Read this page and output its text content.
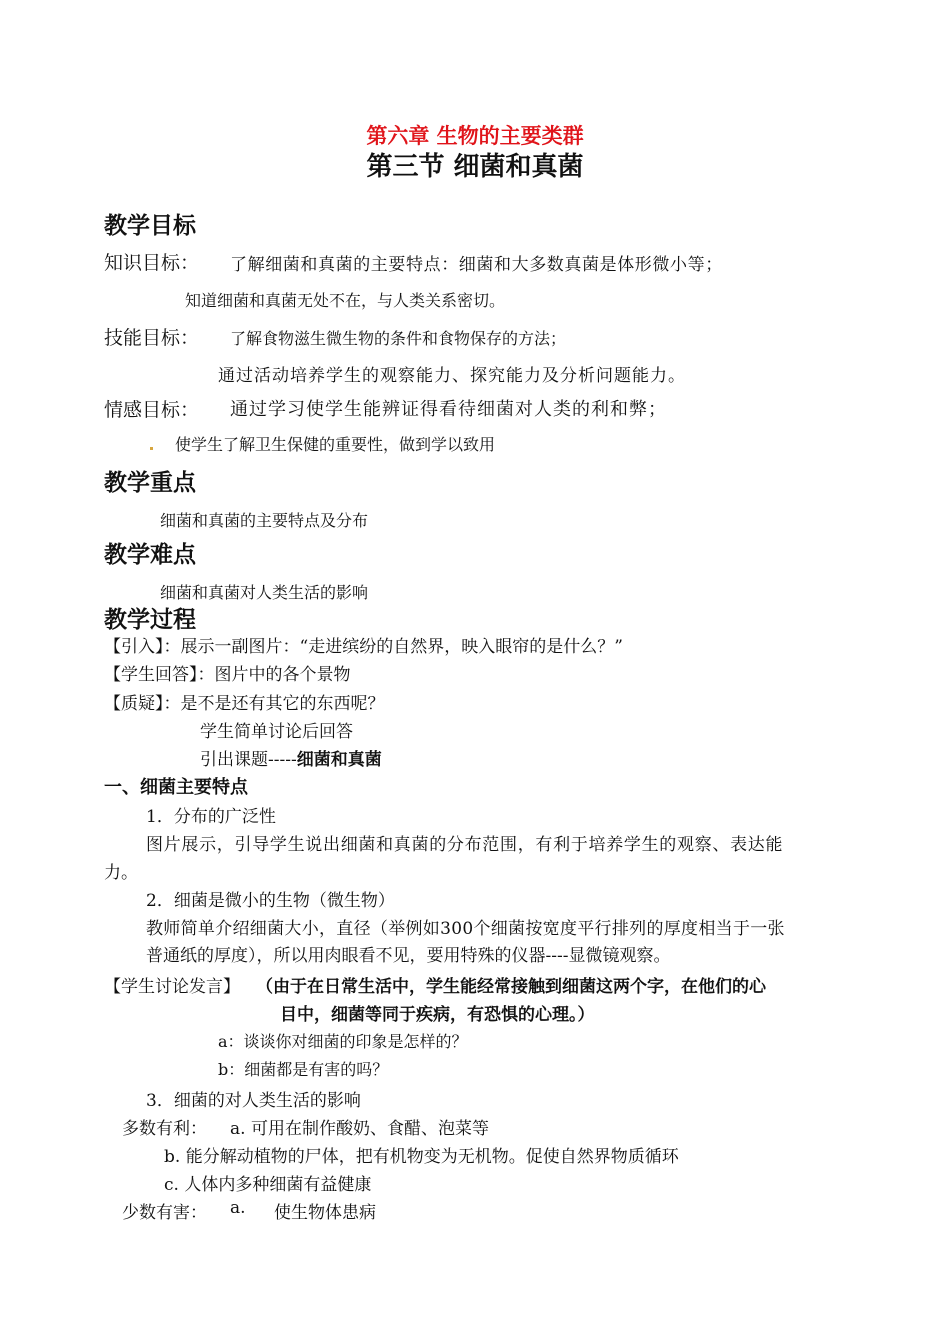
第六章 生物的主要类群
第三节 细菌和真菌
教学目标
知识目标： 了解细菌和真菌的主要特点：细菌和大多数真菌是体形微小等；
知道细菌和真菌无处不在，与人类关系密切。
技能目标： 了解食物滋生微生物的条件和食物保存的方法；
通过活动培养学生的观察能力、探究能力及分析问题能力。
情感目标： 通过学习使学生能辨证得看待细菌对人类的利和弊；
使学生了解卫生保健的重要性，做到学以致用
教学重点
细菌和真菌的主要特点及分布
教学难点
细菌和真菌对人类生活的影响
教学过程
【引入】：展示一副图片：“走进缤纷的自然界，映入眼帘的是什么？”
【学生回答】：图片中的各个景物
【质疑】：是不是还有其它的东西呢？
学生简单讨论后回答
引出课题-----细菌和真菌
一、细菌主要特点
1．分布的广泛性
图片展示，引导学生说出细菌和真菌的分布范围，有利于培养学生的观察、表达能
力。
2．细菌是微小的生物（微生物）
教师简单介绍细菌大小，直径（举例如300个细菌按宽度平行排列的厚度相当于一张
普通纸的厚度），所以用肉眼看不见，要用特殊的仪器----显微镜观察。
【学生讨论发言】 （由于在日常生活中，学生能经常接触到细菌这两个字，在他们的心
目中，细菌等同于疾病，有恐惧的心理。）
a：谈谈你对细菌的印象是怎样的？
b：细菌都是有害的吗？
3．细菌的对人类生活的影响
多数有利： a. 可用在制作酸奶、食醋、泡菜等
b. 能分解动植物的尸体，把有机物变为无机物。促使自然界物质循环
c. 人体内多种细菌有益健康
少数有害： a. 使生物体患病
